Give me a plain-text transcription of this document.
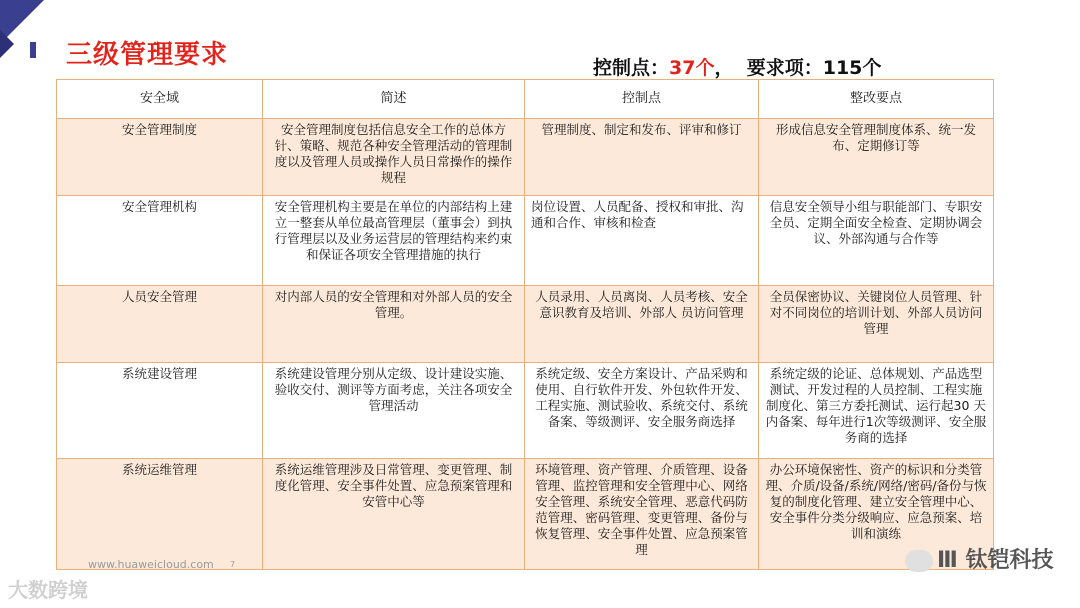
三级管理要求	控制点：37个， 要求项：115个
安全域	简述	控制点	整改要点
安全管理制度	安全管理制度包括信息安全工作的总体方针、策略、规范各种安全管理活动的管理制度以及管理人员或操作人员日常操作的操作规程	管理制度、制定和发布、评审和修订	形成信息安全管理制度体系、统一发布、定期修订等
安全管理机构	安全管理机构主要是在单位的内部结构上建立一整套从单位最高管理层（董事会）到执行管理层以及业务运营层的管理结构来约束和保证各项安全管理措施的执行	岗位设置、人员配备、授权和审批、沟通和合作、审核和检查	信息安全领导小组与职能部门、专职安全员、定期全面安全检查、定期协调会议、外部沟通与合作等
人员安全管理	对内部人员的安全管理和对外部人员的安全管理。	人员录用、人员离岗、人员考核、安全意识教育及培训、外部人 员访问管理	全员保密协议、关键岗位人员管理、针对不同岗位的培训计划、外部人员访问管理
系统建设管理	系统建设管理分别从定级、设计建设实施、验收交付、测评等方面考虑，关注各项安全管理活动	系统定级、安全方案设计、产品采购和使用、自行软件开发、外包软件开发、工程实施、测试验收、系统交付、系统备案、等级测评、安全服务商选择	系统定级的论证、总体规划、产品选型测试、开发过程的人员控制、工程实施制度化、第三方委托测试、运行起30 天内备案、每年进行1次等级测评、安全服务商的选择
系统运维管理	系统运维管理涉及日常管理、变更管理、制度化管理、安全事件处置、应急预案管理和安管中心等	环境管理、资产管理、介质管理、设备管理、监控管理和安全管理中心、网络安全管理、系统安全管理、恶意代码防范管理、密码管理、变更管理、备份与恢复管理、安全事件处置、应急预案管理	办公环境保密性、资产的标识和分类管理、介质/设备/系统/网络/密码/备份与恢复的制度化管理、建立安全管理中心、安全事件分类分级响应、应急预案、培训和演练
www.huaweicloud.com 7
大数跨境
Ⅲ 钛铠科技
